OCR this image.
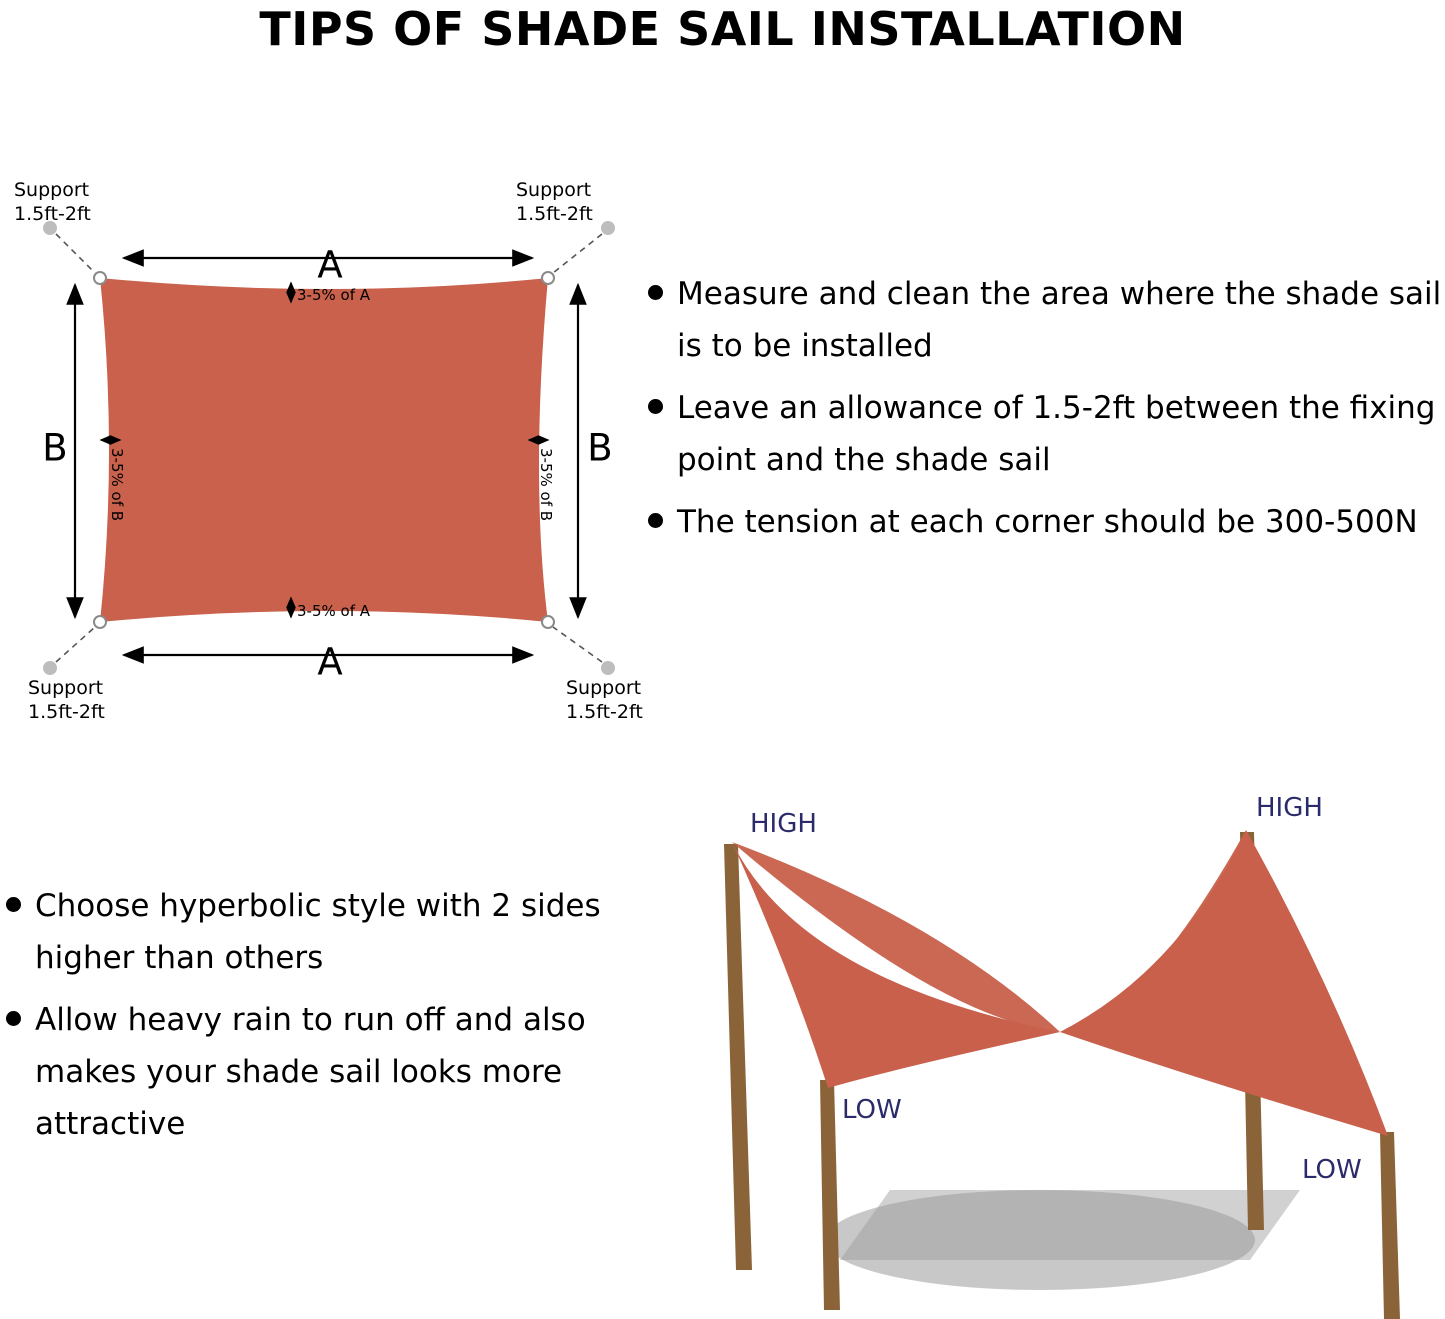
TIPS OF SHADE SAIL INSTALLATION
A
A
B	B
3-5% of A
3-5% of A
3-5% of B	3-5% of B
Support
1.5ft-2ft
Support
1.5ft-2ft
Support
1.5ft-2ft
Support
1.5ft-2ft
Measure and clean the area where the shade sail is to be installed
Leave an allowance of 1.5-2ft between the fixing point and the shade sail
The tension at each corner should be 300-500N
Choose hyperbolic style with 2 sides higher than others
Allow heavy rain to run off and also makes your shade sail looks more attractive
HIGH
HIGH
LOW
LOW
